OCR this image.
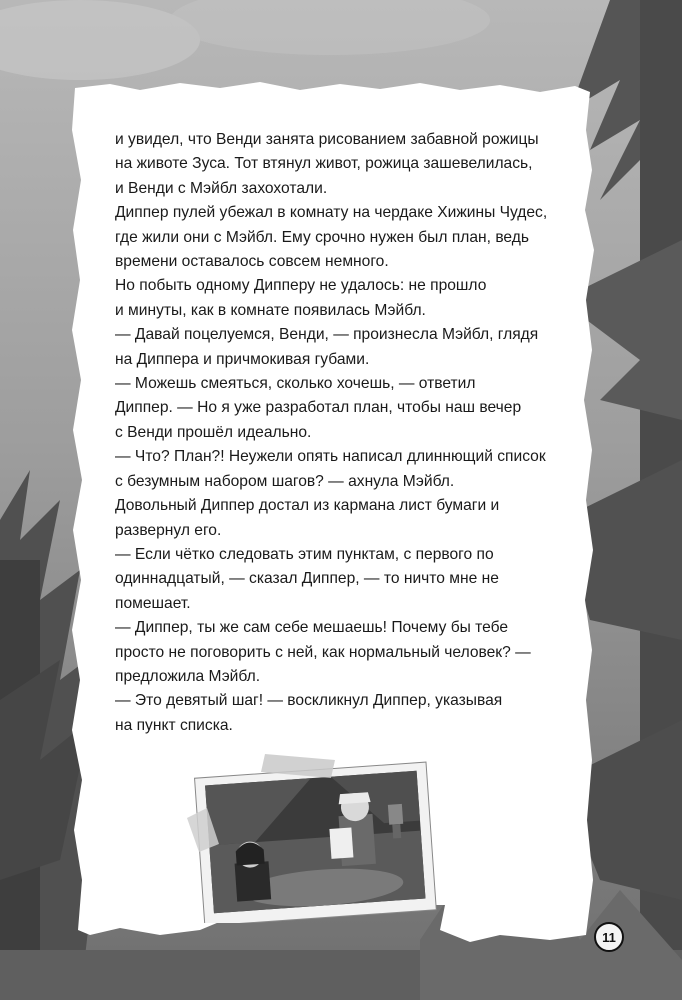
и увидел, что Венди занята рисованием забавной рожицы
на животе Зуса. Тот втянул живот, рожица зашевелилась,
и Венди с Мэйбл захохотали.
Диппер пулей убежал в комнату на чердаке Хижины Чудес,
где жили они с Мэйбл. Ему срочно нужен был план, ведь
времени оставалось совсем немного.
Но побыть одному Дипперу не удалось: не прошло
и минуты, как в комнате появилась Мэйбл.
— Давай поцелуемся, Венди, — произнесла Мэйбл, глядя
на Диппера и причмокивая губами.
— Можешь смеяться, сколько хочешь, — ответил
Диппер. — Но я уже разработал план, чтобы наш вечер
с Венди прошёл идеально.
— Что? План?! Неужели опять написал длиннющий список
с безумным набором шагов? — ахнула Мэйбл.
Довольный Диппер достал из кармана лист бумаги и
развернул его.
— Если чётко следовать этим пунктам, с первого по
одиннадцатый, — сказал Диппер, — то ничто мне не
помешает.
— Диппер, ты же сам себе мешаешь! Почему бы тебе
просто не поговорить с ней, как нормальный человек? —
предложила Мэйбл.
— Это девятый шаг! — воскликнул Диппер, указывая
на пункт списка.
11
